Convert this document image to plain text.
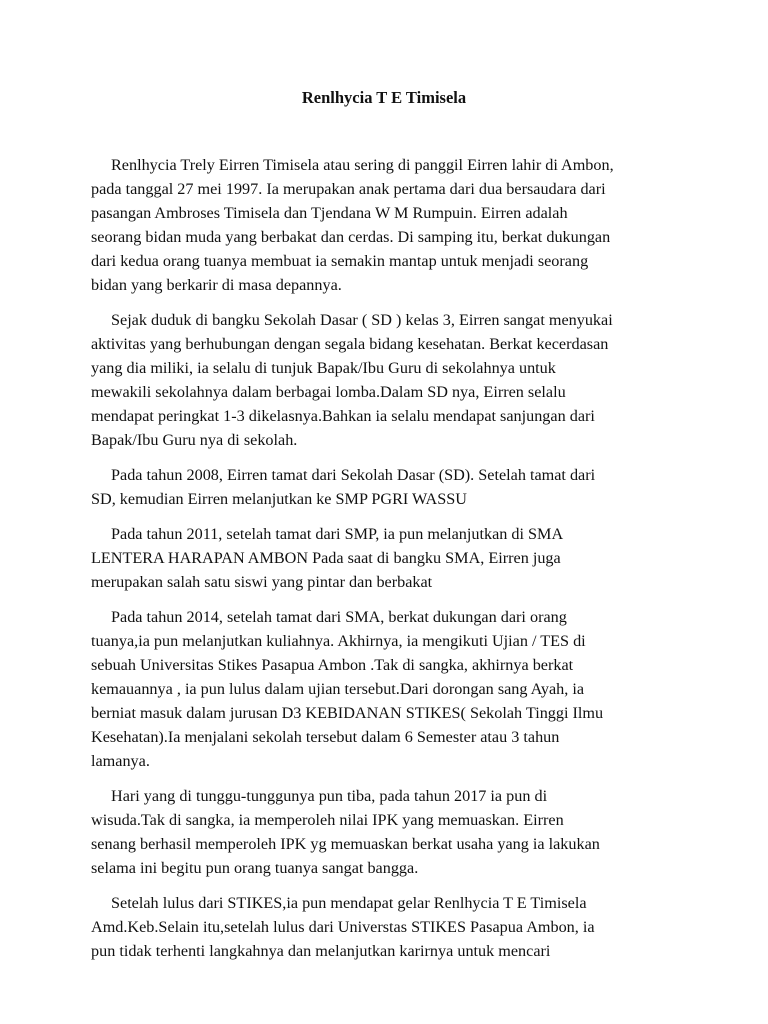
Renlhycia T E Timisela

Renlhycia Trely Eirren Timisela atau sering di panggil Eirren lahir di Ambon,
pada tanggal 27 mei 1997. Ia merupakan anak pertama dari dua bersaudara dari
pasangan Ambroses Timisela dan Tjendana W M Rumpuin. Eirren adalah
seorang bidan muda yang berbakat dan cerdas. Di samping itu, berkat dukungan
dari kedua orang tuanya membuat ia semakin mantap untuk menjadi seorang
bidan yang berkarir di masa depannya.

Sejak duduk di bangku Sekolah Dasar ( SD ) kelas 3, Eirren sangat menyukai
aktivitas yang berhubungan dengan segala bidang kesehatan. Berkat kecerdasan
yang dia miliki, ia selalu di tunjuk Bapak/Ibu Guru di sekolahnya untuk
mewakili sekolahnya dalam berbagai lomba.Dalam SD nya, Eirren selalu
mendapat peringkat 1-3 dikelasnya.Bahkan ia selalu mendapat sanjungan dari
Bapak/Ibu Guru nya di sekolah.

Pada tahun 2008, Eirren tamat dari Sekolah Dasar (SD). Setelah tamat dari
SD, kemudian Eirren melanjutkan ke SMP PGRI WASSU

Pada tahun 2011, setelah tamat dari SMP, ia pun melanjutkan di SMA
LENTERA HARAPAN AMBON Pada saat di bangku SMA, Eirren juga
merupakan salah satu siswi yang pintar dan berbakat

Pada tahun 2014, setelah tamat dari SMA, berkat dukungan dari orang
tuanya,ia pun melanjutkan kuliahnya. Akhirnya, ia mengikuti Ujian / TES di
sebuah Universitas Stikes Pasapua Ambon .Tak di sangka, akhirnya berkat
kemauannya , ia pun lulus dalam ujian tersebut.Dari dorongan sang Ayah, ia
berniat masuk dalam jurusan D3 KEBIDANAN STIKES( Sekolah Tinggi Ilmu
Kesehatan).Ia menjalani sekolah tersebut dalam 6 Semester atau 3 tahun
lamanya.

Hari yang di tunggu-tunggunya pun tiba, pada tahun 2017 ia pun di
wisuda.Tak di sangka, ia memperoleh nilai IPK yang memuaskan. Eirren
senang berhasil memperoleh IPK yg memuaskan berkat usaha yang ia lakukan
selama ini begitu pun orang tuanya sangat bangga.

Setelah lulus dari STIKES,ia pun mendapat gelar Renlhycia T E Timisela
Amd.Keb.Selain itu,setelah lulus dari Universtas STIKES Pasapua Ambon, ia
pun tidak terhenti langkahnya dan melanjutkan karirnya untuk mencari
